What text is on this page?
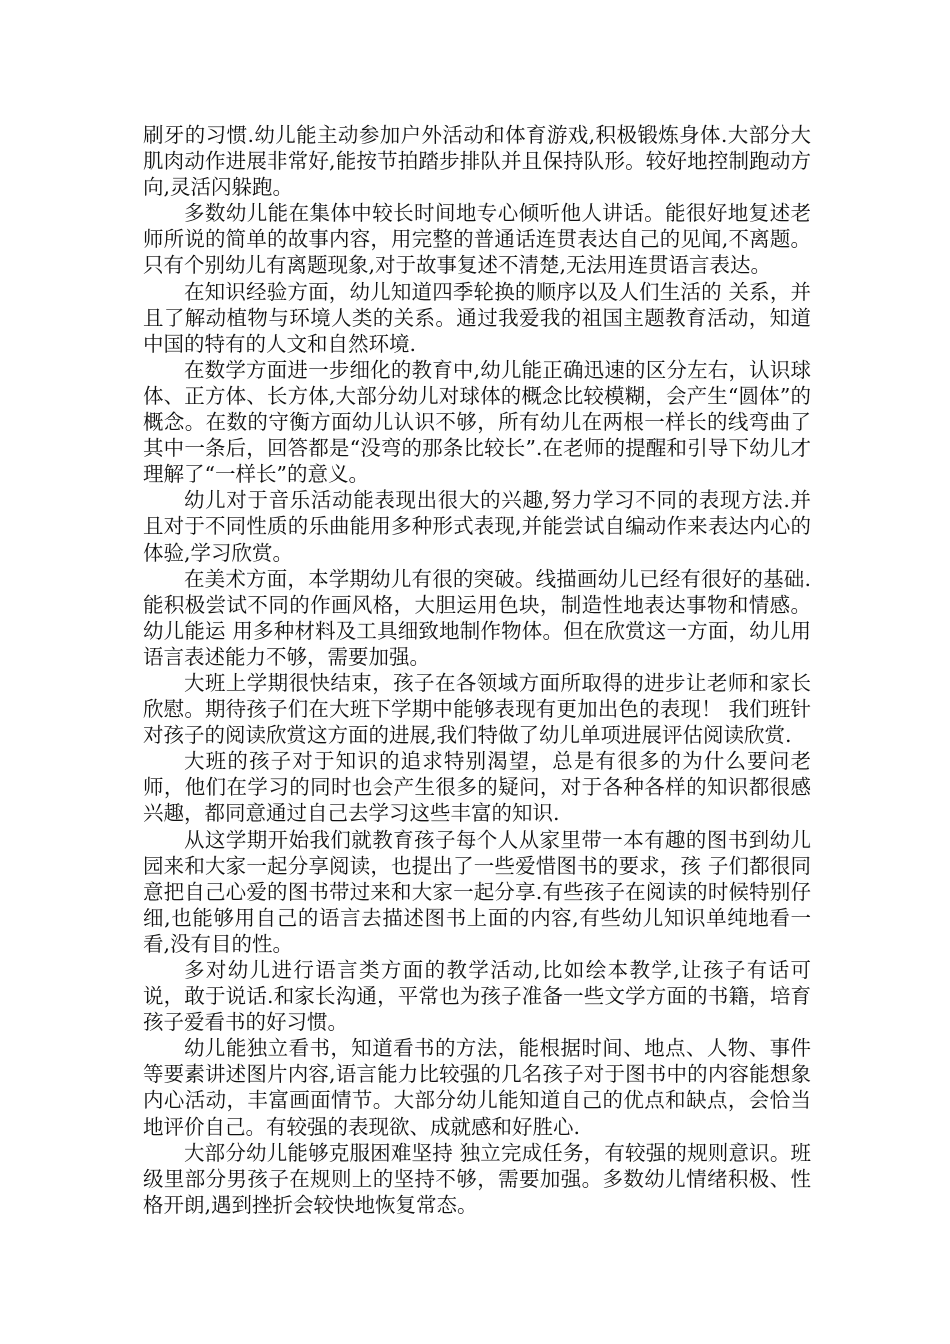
刷牙的习惯.幼儿能主动参加户外活动和体育游戏,积极锻炼身体.大部分大肌肉动作进展非常好,能按节拍踏步排队并且保持队形。较好地控制跑动方向,灵活闪躲跑。

多数幼儿能在集体中较长时间地专心倾听他人讲话。能很好地复述老师所说的简单的故事内容，用完整的普通话连贯表达自己的见闻,不离题。只有个别幼儿有离题现象,对于故事复述不清楚,无法用连贯语言表达。

在知识经验方面，幼儿知道四季轮换的顺序以及人们生活的 关系，并且了解动植物与环境人类的关系。通过我爱我的祖国主题教育活动，知道中国的特有的人文和自然环境.

在数学方面进一步细化的教育中,幼儿能正确迅速的区分左右，认识球体、正方体、长方体,大部分幼儿对球体的概念比较模糊，会产生“圆体”的概念。在数的守衡方面幼儿认识不够，所有幼儿在两根一样长的线弯曲了其中一条后，回答都是“没弯的那条比较长”.在老师的提醒和引导下幼儿才理解了“一样长”的意义。

幼儿对于音乐活动能表现出很大的兴趣,努力学习不同的表现方法.并且对于不同性质的乐曲能用多种形式表现,并能尝试自编动作来表达内心的体验,学习欣赏。

在美术方面，本学期幼儿有很的突破。线描画幼儿已经有很好的基础.能积极尝试不同的作画风格，大胆运用色块，制造性地表达事物和情感。幼儿能运 用多种材料及工具细致地制作物体。但在欣赏这一方面，幼儿用语言表述能力不够，需要加强。

大班上学期很快结束，孩子在各领域方面所取得的进步让老师和家长欣慰。期待孩子们在大班下学期中能够表现有更加出色的表现！ 我们班针对孩子的阅读欣赏这方面的进展,我们特做了幼儿单项进展评估阅读欣赏.

大班的孩子对于知识的追求特别渴望，总是有很多的为什么要问老师，他们在学习的同时也会产生很多的疑问，对于各种各样的知识都很感兴趣，都同意通过自己去学习这些丰富的知识.

从这学期开始我们就教育孩子每个人从家里带一本有趣的图书到幼儿园来和大家一起分享阅读，也提出了一些爱惜图书的要求，孩 子们都很同意把自己心爱的图书带过来和大家一起分享.有些孩子在阅读的时候特别仔细,也能够用自己的语言去描述图书上面的内容,有些幼儿知识单纯地看一看,没有目的性。

多对幼儿进行语言类方面的教学活动,比如绘本教学,让孩子有话可说，敢于说话.和家长沟通，平常也为孩子准备一些文学方面的书籍，培育孩子爱看书的好习惯。

幼儿能独立看书，知道看书的方法，能根据时间、地点、人物、事件等要素讲述图片内容,语言能力比较强的几名孩子对于图书中的内容能想象内心活动，丰富画面情节。大部分幼儿能知道自己的优点和缺点，会恰当地评价自己。有较强的表现欲、成就感和好胜心.

大部分幼儿能够克服困难坚持 独立完成任务，有较强的规则意识。班级里部分男孩子在规则上的坚持不够，需要加强。多数幼儿情绪积极、性格开朗,遇到挫折会较快地恢复常态。
